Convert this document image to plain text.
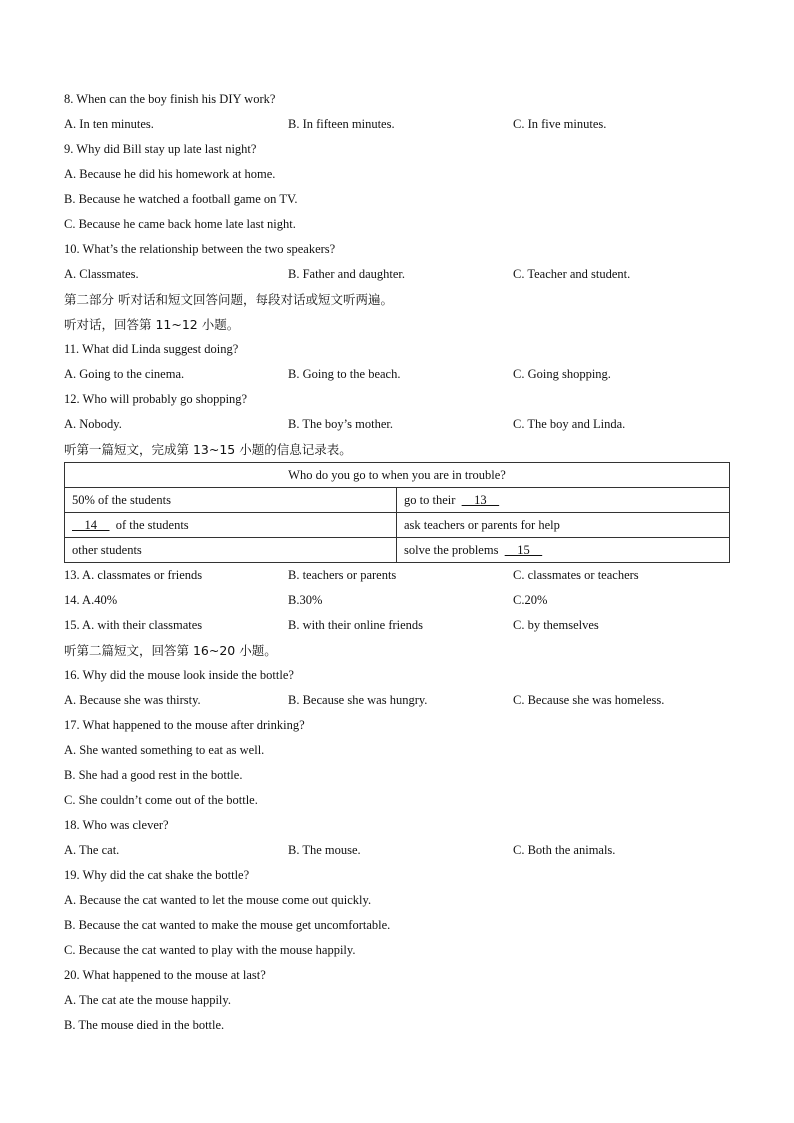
8. When can the boy finish his DIY work?
A. In ten minutes.	B. In fifteen minutes.	C. In five minutes.
9. Why did Bill stay up late last night?
A. Because he did his homework at home.
B. Because he watched a football game on TV.
C. Because he came back home late last night.
10. What’s the relationship between the two speakers?
A. Classmates.	B. Father and daughter.	C. Teacher and student.
第二部分 听对话和短文回答问题，每段对话或短文听两遍。
听对话，回答第 11~12 小题。
11. What did Linda suggest doing?
A. Going to the cinema.	B. Going to the beach.	C. Going shopping.
12. Who will probably go shopping?
A. Nobody.	B. The boy’s mother.	C. The boy and Linda.
听第一篇短文，完成第 13~15 小题的信息记录表。
Who do you go to when you are in trouble?	
50% of the students	go to their      13
14      of the students	ask teachers or parents for help
other students	solve the problems      15
13. A. classmates or friends	B. teachers or parents	C. classmates or teachers
14. A.40%	B.30%	C.20%
15. A. with their classmates	B. with their online friends	C. by themselves
听第二篇短文，回答第 16~20 小题。
16. Why did the mouse look inside the bottle?
A. Because she was thirsty.	B. Because she was hungry.	C. Because she was homeless.
17. What happened to the mouse after drinking?
A. She wanted something to eat as well.
B. She had a good rest in the bottle.
C. She couldn’t come out of the bottle.
18. Who was clever?
A. The cat.	B. The mouse.	C. Both the animals.
19. Why did the cat shake the bottle?
A. Because the cat wanted to let the mouse come out quickly.
B. Because the cat wanted to make the mouse get uncomfortable.
C. Because the cat wanted to play with the mouse happily.
20. What happened to the mouse at last?
A. The cat ate the mouse happily.
B. The mouse died in the bottle.
